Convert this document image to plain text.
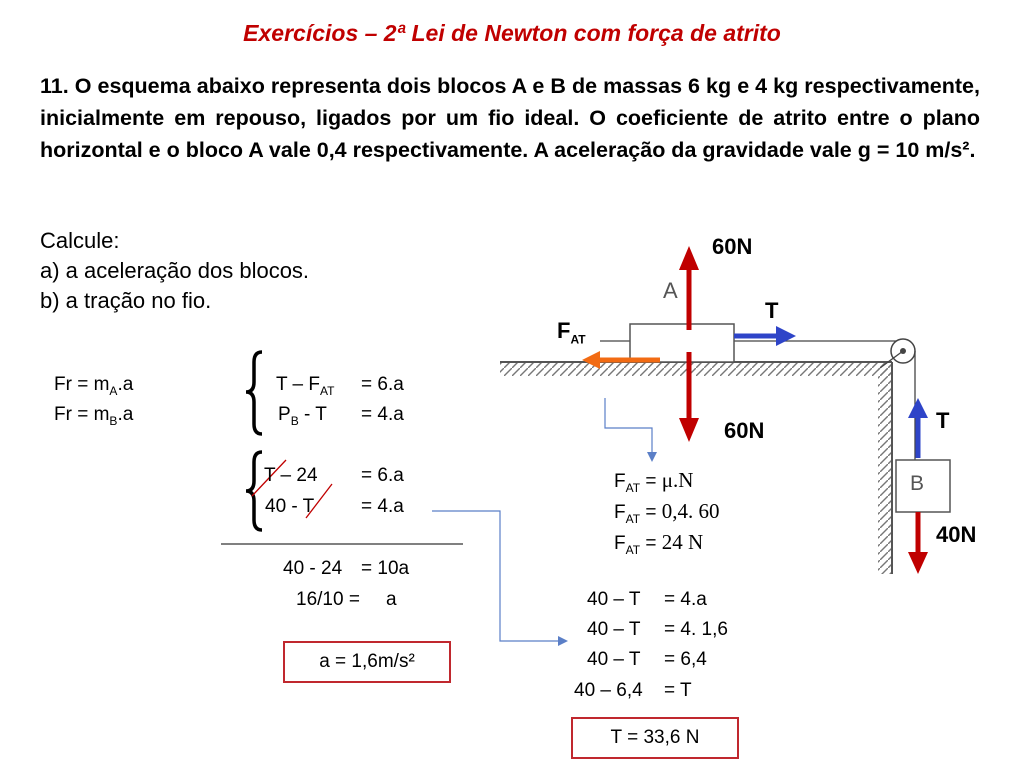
Exercícios – 2ª Lei de Newton com força de atrito
11. O esquema abaixo representa dois blocos A e B de massas 6 kg e 4 kg respectivamente, inicialmente em repouso, ligados por um fio ideal. O coeficiente de atrito entre o plano horizontal e o bloco A vale 0,4 respectivamente. A aceleração da gravidade vale g = 10 m/s².
Calcule:
a) a aceleração dos blocos.
b) a tração no fio.	A
B
60N
T
$F_{AT}$
60N	T
40N
$Fr = m_A.a$
$Fr = m_B.a$
$T - F_{AT} = 6.a$
$P_B - T = 4.a$
T – 24 = 6.a
40 - T = 4.a
40 - 24 = 10a
16/10 = a
a = 1,6m/s²
$F_{AT} = \mu.N$
$F_{AT} = 0,4$. 60
$F_{AT} = 24$ N
40 – T = 4.a
40 – T = 4. 1,6
40 – T = 6,4
40 – 6,4 = T
T = 33,6 N
